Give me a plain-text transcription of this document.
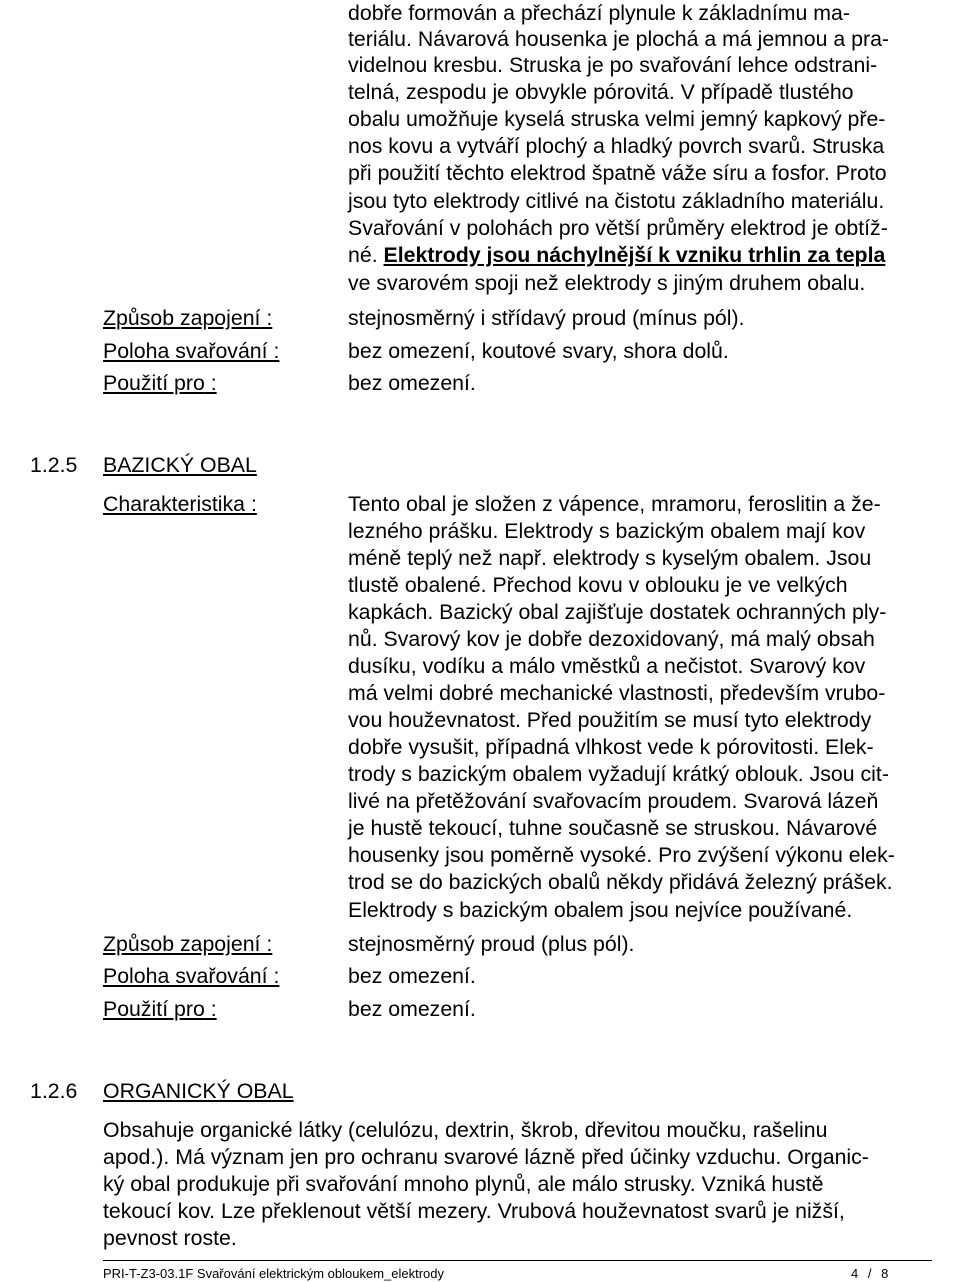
dobře formován a přechází plynule k základnímu ma-
teriálu. Návarová housenka je plochá a má jemnou a pra-
videlnou kresbu. Struska je po svařování lehce odstrani-
telná, zespodu je obvykle pórovitá. V případě tlustého
obalu umožňuje kyselá struska velmi jemný kapkový pře-
nos kovu a vytváří plochý a hladký povrch svarů. Struska
při použití těchto elektrod špatně váže síru a fosfor. Proto
jsou tyto elektrody citlivé na čistotu základního materiálu.
Svařování v polohách pro větší průměry elektrod je obtíž-
né. Elektrody jsou náchylnější k vzniku trhlin za tepla
ve svarovém spoji než elektrody s jiným druhem obalu.
Způsob zapojení :	stejnosměrný i střídavý proud (mínus pól).
Poloha svařování :	bez omezení, koutové svary, shora dolů.
Použití pro :	bez omezení.
1.2.5 BAZICKÝ OBAL
Charakteristika :	Tento obal je složen z vápence, mramoru, feroslitin a že-
lezného prášku. Elektrody s bazickým obalem mají kov
méně teplý než např. elektrody s kyselým obalem. Jsou
tlustě obalené. Přechod kovu v oblouku je ve velkých
kapkách. Bazický obal zajišťuje dostatek ochranných ply-
nů. Svarový kov je dobře dezoxidovaný, má malý obsah
dusíku, vodíku a málo vměstků a nečistot. Svarový kov
má velmi dobré mechanické vlastnosti, především vrubo-
vou houževnatost. Před použitím se musí tyto elektrody
dobře vysušit, případná vlhkost vede k pórovitosti. Elek-
trody s bazickým obalem vyžadují krátký oblouk. Jsou cit-
livé na přetěžování svařovacím proudem. Svarová lázeň
je hustě tekoucí, tuhne současně se struskou. Návarové
housenky jsou poměrně vysoké. Pro zvýšení výkonu elek-
trod se do bazických obalů někdy přidává železný prášek.
Elektrody s bazickým obalem jsou nejvíce používané.
Způsob zapojení :	stejnosměrný proud (plus pól).
Poloha svařování :	bez omezení.
Použití pro :	bez omezení.
1.2.6 ORGANICKÝ OBAL
Obsahuje organické látky (celulózu, dextrin, škrob, dřevitou moučku, rašelinu
apod.). Má význam jen pro ochranu svarové lázně před účinky vzduchu. Organic-
ký obal produkuje při svařování mnoho plynů, ale málo strusky. Vzniká hustě
tekoucí kov. Lze překlenout větší mezery. Vrubová houževnatost svarů je nižší,
pevnost roste.
PRI-T-Z3-03.1F Svařování elektrickým obloukem_elektrody	4 / 8
